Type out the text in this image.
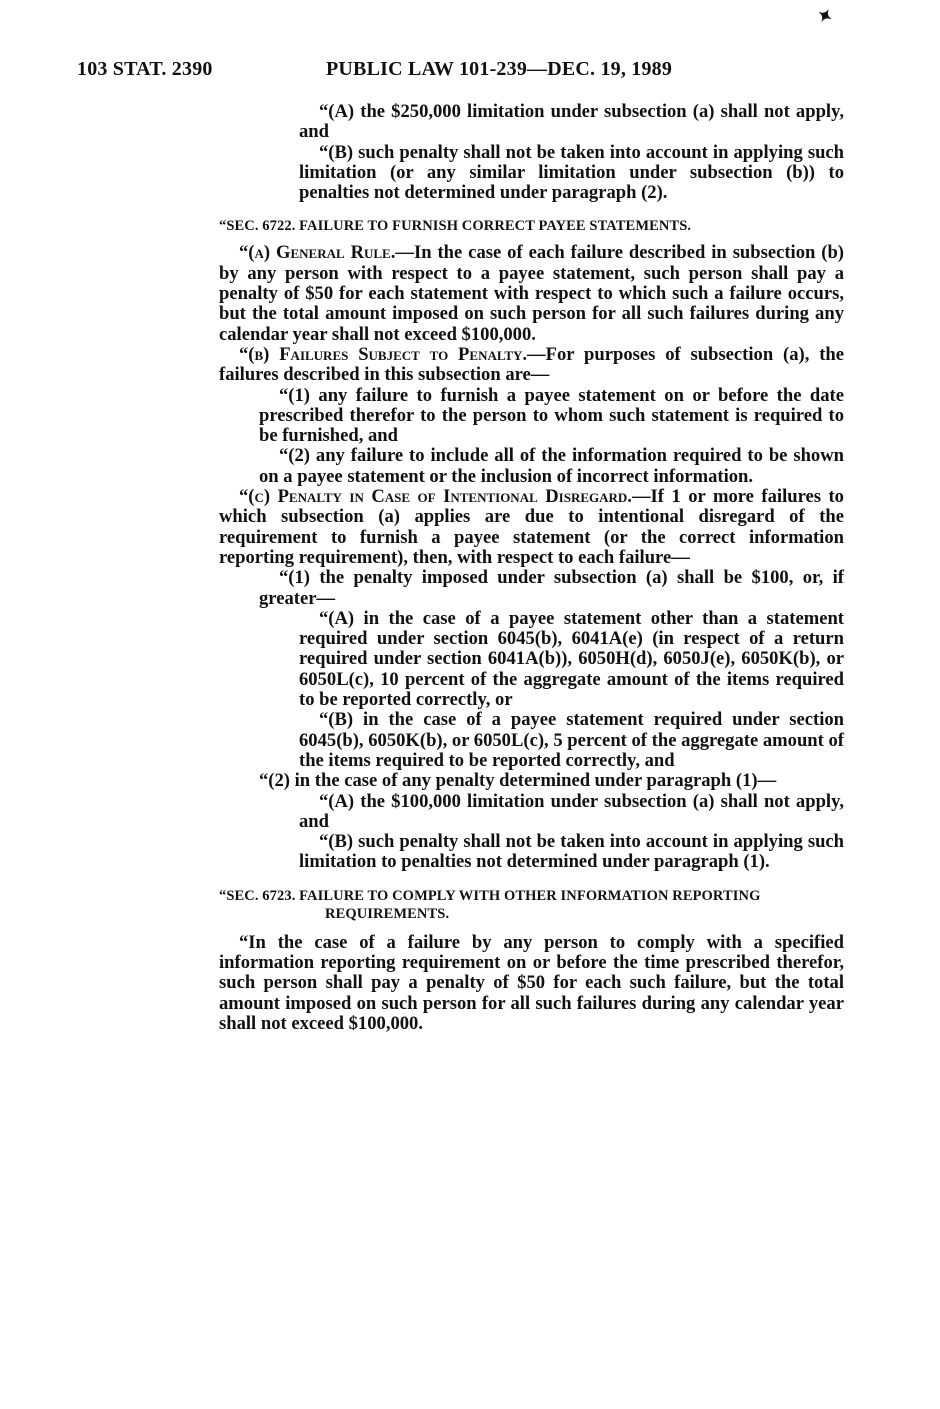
✦
103 STAT. 2390	PUBLIC LAW 101-239—DEC. 19, 1989

“(A) the $250,000 limitation under subsection (a) shall not apply, and

“(B) such penalty shall not be taken into account in applying such limitation (or any similar limitation under subsection (b)) to penalties not determined under paragraph (2).

“SEC. 6722. FAILURE TO FURNISH CORRECT PAYEE STATEMENTS.

“(a) General Rule.—In the case of each failure described in subsection (b) by any person with respect to a payee statement, such person shall pay a penalty of $50 for each statement with respect to which such a failure occurs, but the total amount imposed on such person for all such failures during any calendar year shall not exceed $100,000.

“(b) Failures Subject to Penalty.—For purposes of subsection (a), the failures described in this subsection are—

“(1) any failure to furnish a payee statement on or before the date prescribed therefor to the person to whom such statement is required to be furnished, and

“(2) any failure to include all of the information required to be shown on a payee statement or the inclusion of incorrect information.

“(c) Penalty in Case of Intentional Disregard.—If 1 or more failures to which subsection (a) applies are due to intentional disregard of the requirement to furnish a payee statement (or the correct information reporting requirement), then, with respect to each failure—

“(1) the penalty imposed under subsection (a) shall be $100, or, if greater—

“(A) in the case of a payee statement other than a statement required under section 6045(b), 6041A(e) (in respect of a return required under section 6041A(b)), 6050H(d), 6050J(e), 6050K(b), or 6050L(c), 10 percent of the aggregate amount of the items required to be reported correctly, or

“(B) in the case of a payee statement required under section 6045(b), 6050K(b), or 6050L(c), 5 percent of the aggregate amount of the items required to be reported correctly, and

“(2) in the case of any penalty determined under paragraph (1)—

“(A) the $100,000 limitation under subsection (a) shall not apply, and

“(B) such penalty shall not be taken into account in applying such limitation to penalties not determined under paragraph (1).

“SEC. 6723. FAILURE TO COMPLY WITH OTHER INFORMATION REPORTING REQUIREMENTS.

“In the case of a failure by any person to comply with a specified information reporting requirement on or before the time prescribed therefor, such person shall pay a penalty of $50 for each such failure, but the total amount imposed on such person for all such failures during any calendar year shall not exceed $100,000.
